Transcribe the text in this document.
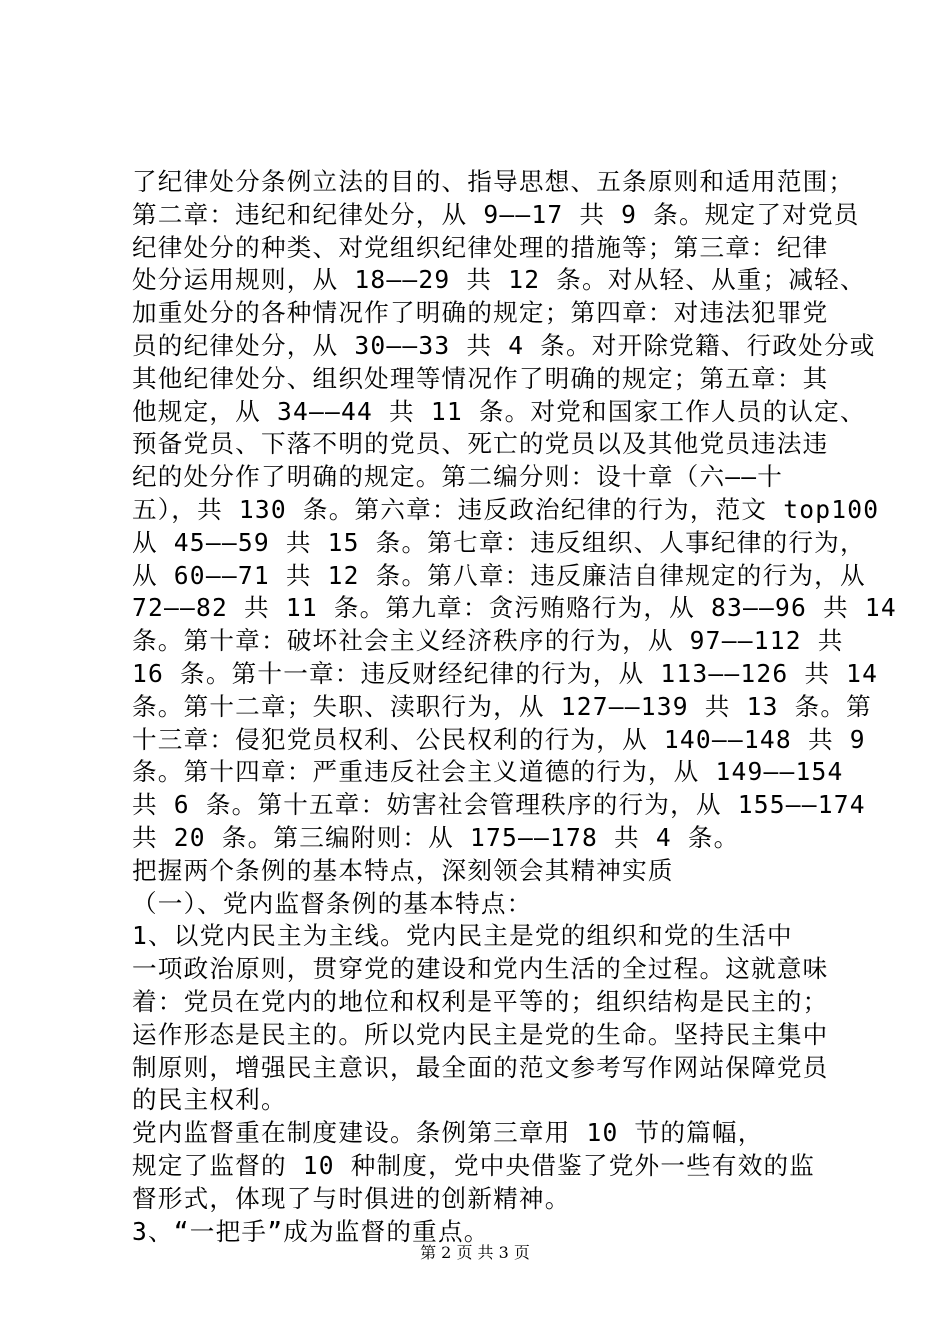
了纪律处分条例立法的目的、指导思想、五条原则和适用范围；
第二章：违纪和纪律处分，从 9——17 共 9 条。规定了对党员
纪律处分的种类、对党组织纪律处理的措施等；第三章：纪律
处分运用规则，从 18——29 共 12 条。对从轻、从重；减轻、
加重处分的各种情况作了明确的规定；第四章：对违法犯罪党
员的纪律处分，从 30——33 共 4 条。对开除党籍、行政处分或
其他纪律处分、组织处理等情况作了明确的规定；第五章：其
他规定，从 34——44 共 11 条。对党和国家工作人员的认定、
预备党员、下落不明的党员、死亡的党员以及其他党员违法违
纪的处分作了明确的规定。第二编分则：设十章（六——十
五），共 130 条。第六章：违反政治纪律的行为，范文 top100
从 45——59 共 15 条。第七章：违反组织、人事纪律的行为，
从 60——71 共 12 条。第八章：违反廉洁自律规定的行为，从
72——82 共 11 条。第九章：贪污贿赂行为，从 83——96 共 14
条。第十章：破坏社会主义经济秩序的行为，从 97——112 共
16 条。第十一章：违反财经纪律的行为，从 113——126 共 14
条。第十二章；失职、渎职行为，从 127——139 共 13 条。第
十三章：侵犯党员权利、公民权利的行为，从 140——148 共 9
条。第十四章：严重违反社会主义道德的行为，从 149——154
共 6 条。第十五章：妨害社会管理秩序的行为，从 155——174
共 20 条。第三编附则：从 175——178 共 4 条。
把握两个条例的基本特点，深刻领会其精神实质
（一）、党内监督条例的基本特点：
1、以党内民主为主线。党内民主是党的组织和党的生活中
一项政治原则，贯穿党的建设和党内生活的全过程。这就意味
着：党员在党内的地位和权利是平等的；组织结构是民主的；
运作形态是民主的。所以党内民主是党的生命。坚持民主集中
制原则，增强民主意识，最全面的范文参考写作网站保障党员
的民主权利。
党内监督重在制度建设。条例第三章用 10 节的篇幅，
规定了监督的 10 种制度，党中央借鉴了党外一些有效的监
督形式，体现了与时俱进的创新精神。
3、“一把手”成为监督的重点。
第 2 页 共 3 页
